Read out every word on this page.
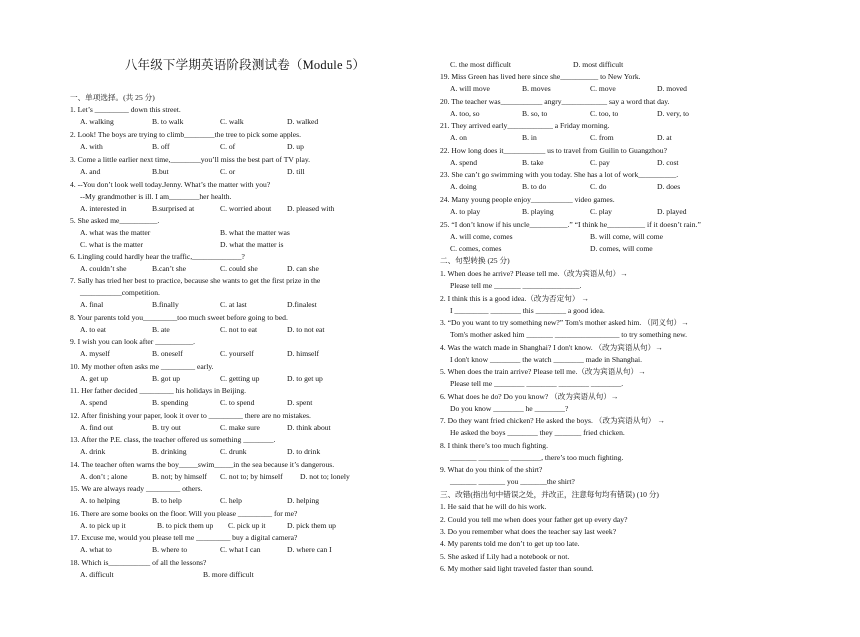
八年级下学期英语阶段测试卷（Module 5）
一、单项选择。(共 25 分)
1. Let’s _________ down this street.
A. walking	B. to walk	C. walk	D. walked
2. Look! The boys are trying to climb________the tree to pick some apples.
A. with	B. off	C. of	D. up
3. Come a little earlier next time,________you’ll miss the best part of TV play.
A. and	B.but	C. or	D. till
4. --You don’t look well today.Jenny. What’s the matter with you?
--My grandmother is ill. I am________her health.
A. interested in	B.surprised at	C. worried about D. pleased with
5. She asked me__________.
A. what was the matter	B. what the matter was
C. what is the matter	D. what the matter is
6. Lingling could hardly hear the traffic,_____________?
A. couldn’t she	B.can’t she	C. could she	D. can she
7. Sally has tried her best to practice, because she wants to get the first prize in the
___________competition.
A. final	B.finally	C. at last	D.finalest
8. Your parents told you_________too much sweet before going to bed.
A. to eat	B. ate	C. not to eat	D. to not eat
9. I wish you can look after __________.
A. myself	B. oneself	C. yourself	D. himself
10. My mother often asks me _________ early.
A. get up	B. got up	C. getting up	D. to get up
11. Her father decided _________ his holidays in Beijing.
A. spend	B. spending	C. to spend	D. spent
12. After finishing your paper, look it over to _________ there are no mistakes.
A. find out	B. try out	C. make sure	D. think about
13. After the P.E. class, the teacher offered us something ________.
A. drink	B. drinking	C. drunk	D. to drink
14. The teacher often warns the boy_____swim_____in the sea because it’s dangerous.
A. don’t ; alone	B. not; by himself C. not to; by himself D. not to; lonely
15. We are always ready _________ others.
A. to helping	B. to help	C. help	D. helping
16. There are some books on the floor. Will you please _________ for me?
A. to pick up it	B. to pick them up C. pick up it	D. pick them up
17. Excuse me, would you please tell me _________ buy a digital camera?
A. what to	B. where to	C. what I can	D. where can I
18. Which is___________ of all the lessons?
A. difficult	B. more difficult
C. the most difficult	D. most difficult
19. Miss Green has lived here since she__________ to New York.
A. will move	B. moves	C. move	D. moved
20. The teacher was___________ angry____________ say a word that day.
A. too, so	B. so, to	C. too, to	D. very, to
21. They arrived early____________ a Friday morning.
A. on	B. in	C. from	D. at
22. How long does it___________ us to travel from Guilin to Guangzhou?
A. spend	B. take	C. pay	D. cost
23. She can’t go swimming with you today. She has a lot of work__________.
A. doing	B. to do	C. do	D. does
24. Many young people enjoy___________ video games.
A. to play	B. playing	C. play	D. played
25. “I don’t know if his uncle__________.” “I think he__________ if it doesn’t rain.”
A. will come, comes	B. will come, will come
C. comes, comes	D. comes, will come
二、句型转换 (25 分)
1. When does he arrive? Please tell me.（改为宾语从句）→
Please tell me _______ _______________.
2. I think this is a good idea.（改为否定句） →
I _________ ________ this ________ a good idea.
3. “Do you want to try something new?” Tom's mother asked him. （同义句）→
Tom's mother asked him _______ _________________ to try something new.
4. Was the watch made in Shanghai? I don't know. （改为宾语从句）→
I don't know ________ the watch ________ made in Shanghai.
5. When does the train arrive? Please tell me.（改为宾语从句）→
Please tell me ________ ________ ________ ________.
6. What does he do? Do you know? （改为宾语从句）→
Do you know ________ he ________?
7. Do they want fried chicken? He asked the boys. （改为宾语从句） →
He asked the boys ________ they _______ fried chicken.
8. I think there’s too much fighting.
_______ ________ ________, there’s too much fighting.
9. What do you think of the shirt?
_______ _______ you _______the shirt?
三、改错(指出句中错误之处，并改正，注意每句均有错误) (10 分)
1. He said that he will do his work.
2. Could you tell me when does your father get up every day?
3. Do you remember what does the teacher say last week?
4. My parents told me don’t to get up too late.
5. She asked if Lily had a notebook or not.
6. My mother said light traveled faster than sound.
